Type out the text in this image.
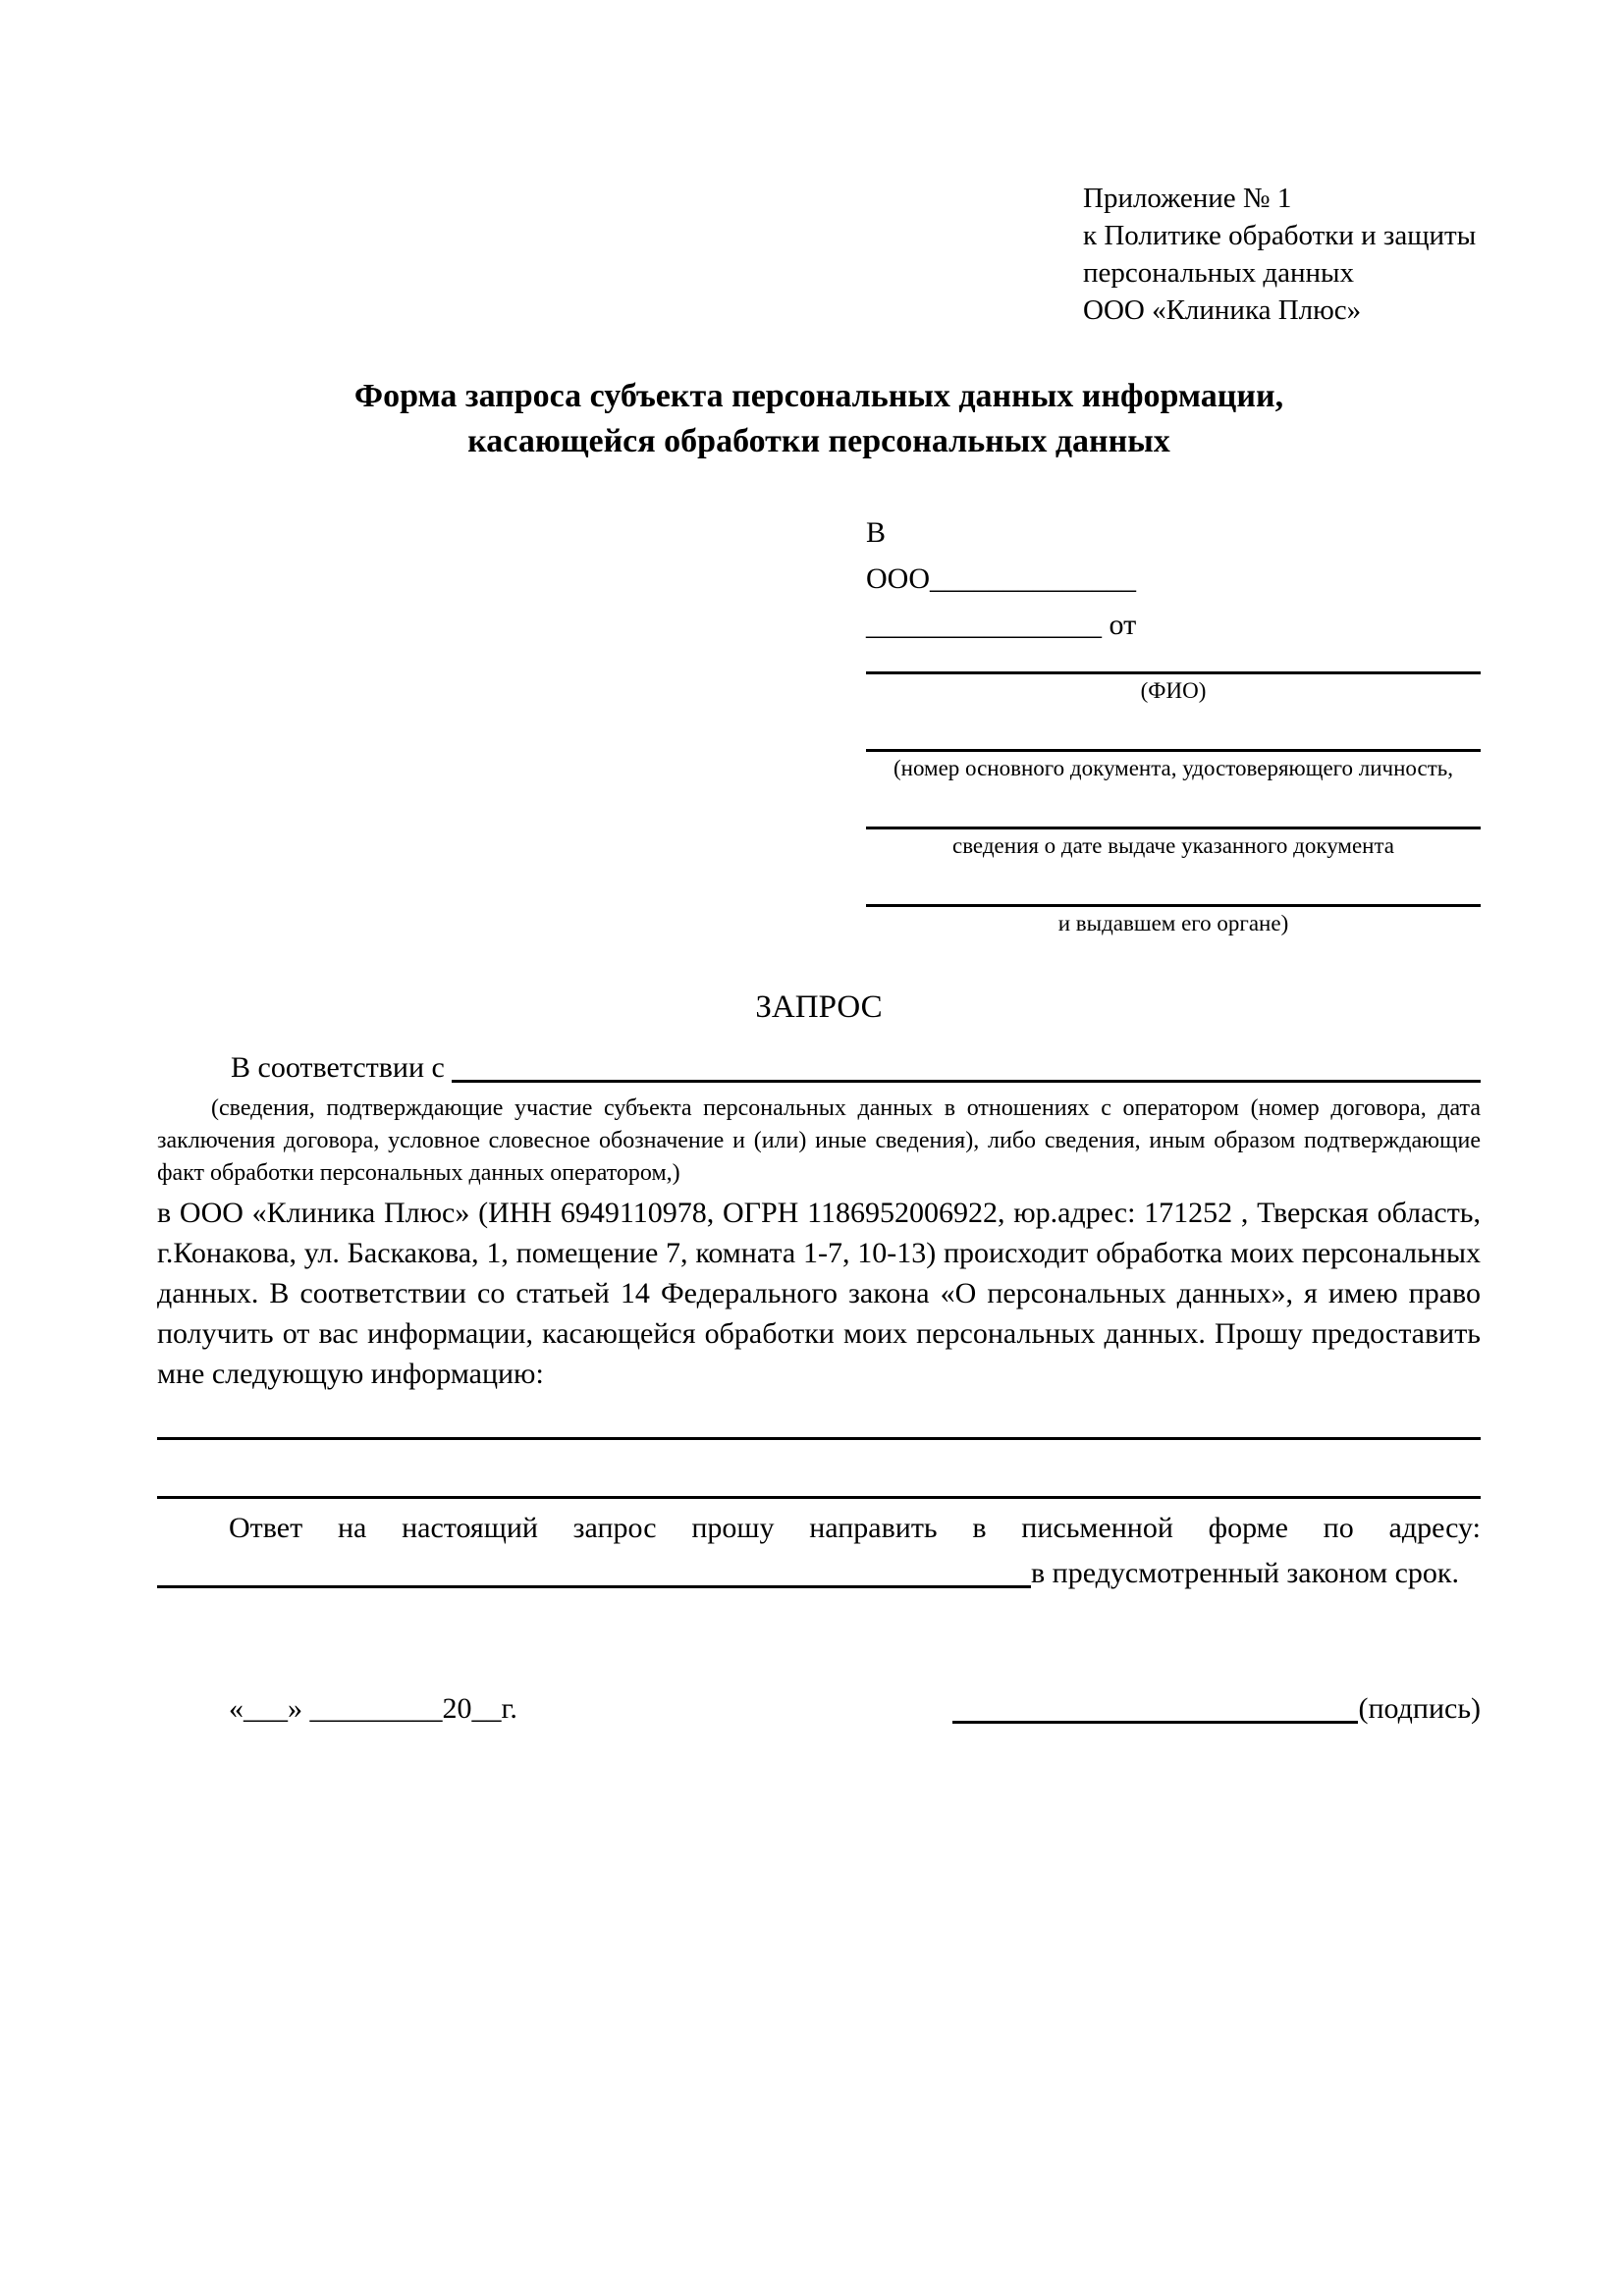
Приложение № 1
к Политике обработки и защиты
персональных данных
ООО «Клиника Плюс»
Форма запроса субъекта персональных данных информации,
касающейся обработки персональных данных
В
ООО______________
________________ от
(ФИО)
(номер основного документа, удостоверяющего личность,
сведения о дате выдаче указанного документа
и выдавшем его органе)
ЗАПРОС
В соответствии с

(сведения, подтверждающие участие субъекта персональных данных в отношениях с оператором (номер договора, дата заключения договора, условное словесное обозначение и (или) иные сведения), либо сведения, иным образом подтверждающие факт обработки персональных данных оператором,)

в ООО «Клиника Плюс» (ИНН 6949110978, ОГРН 1186952006922, юр.адрес: 171252 , Тверская область, г.Конакова, ул. Баскакова, 1, помещение 7, комната 1-7, 10-13) происходит обработка моих персональных данных. В соответствии со статьей 14 Федерального закона «О персональных данных», я имею право получить от вас информации, касающейся обработки моих персональных данных. Прошу предоставить мне следующую информацию:

Ответ на настоящий запрос прошу направить в письменной форме по адресу:
в предусмотренный законом срок.
«___» _________20__г.	(подпись)
